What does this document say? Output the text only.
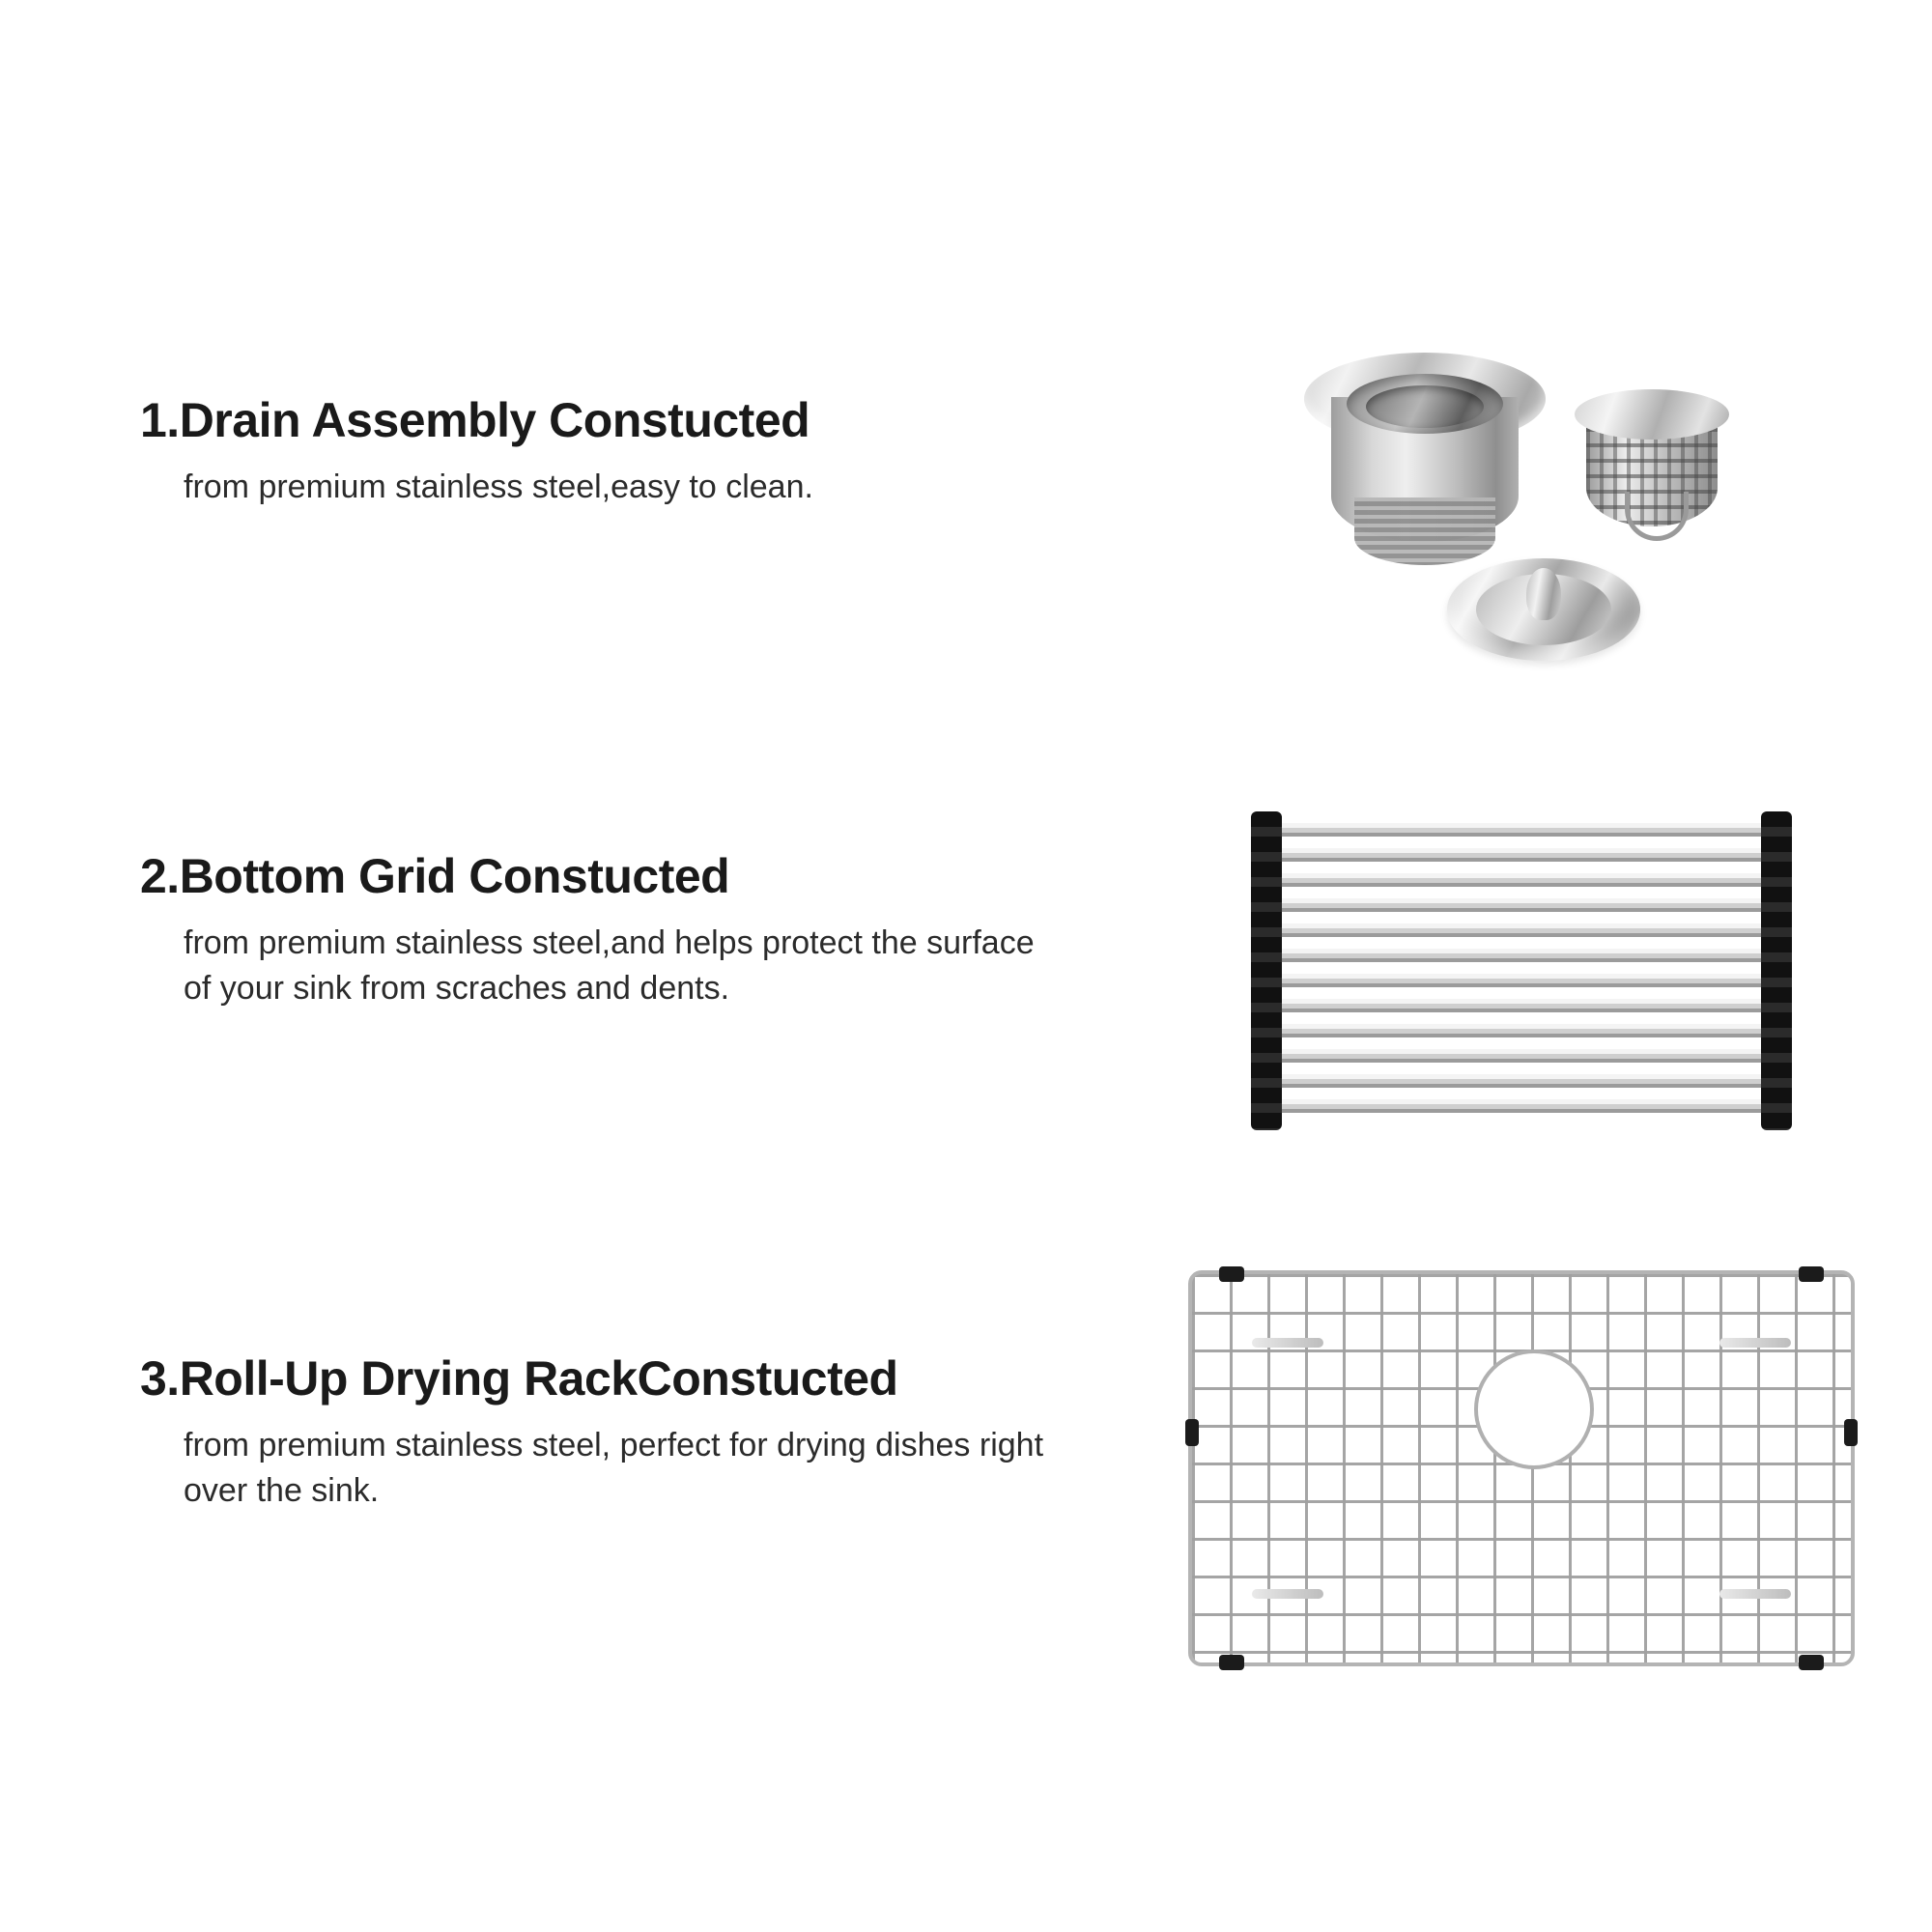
1.Drain Assembly Constucted

from premium stainless steel,easy to clean.

2.Bottom Grid Constucted

from premium stainless steel,and helps protect the surface of your sink from scraches and dents.

3.Roll-Up Drying RackConstucted

from premium stainless steel, perfect for drying dishes right over the sink.
